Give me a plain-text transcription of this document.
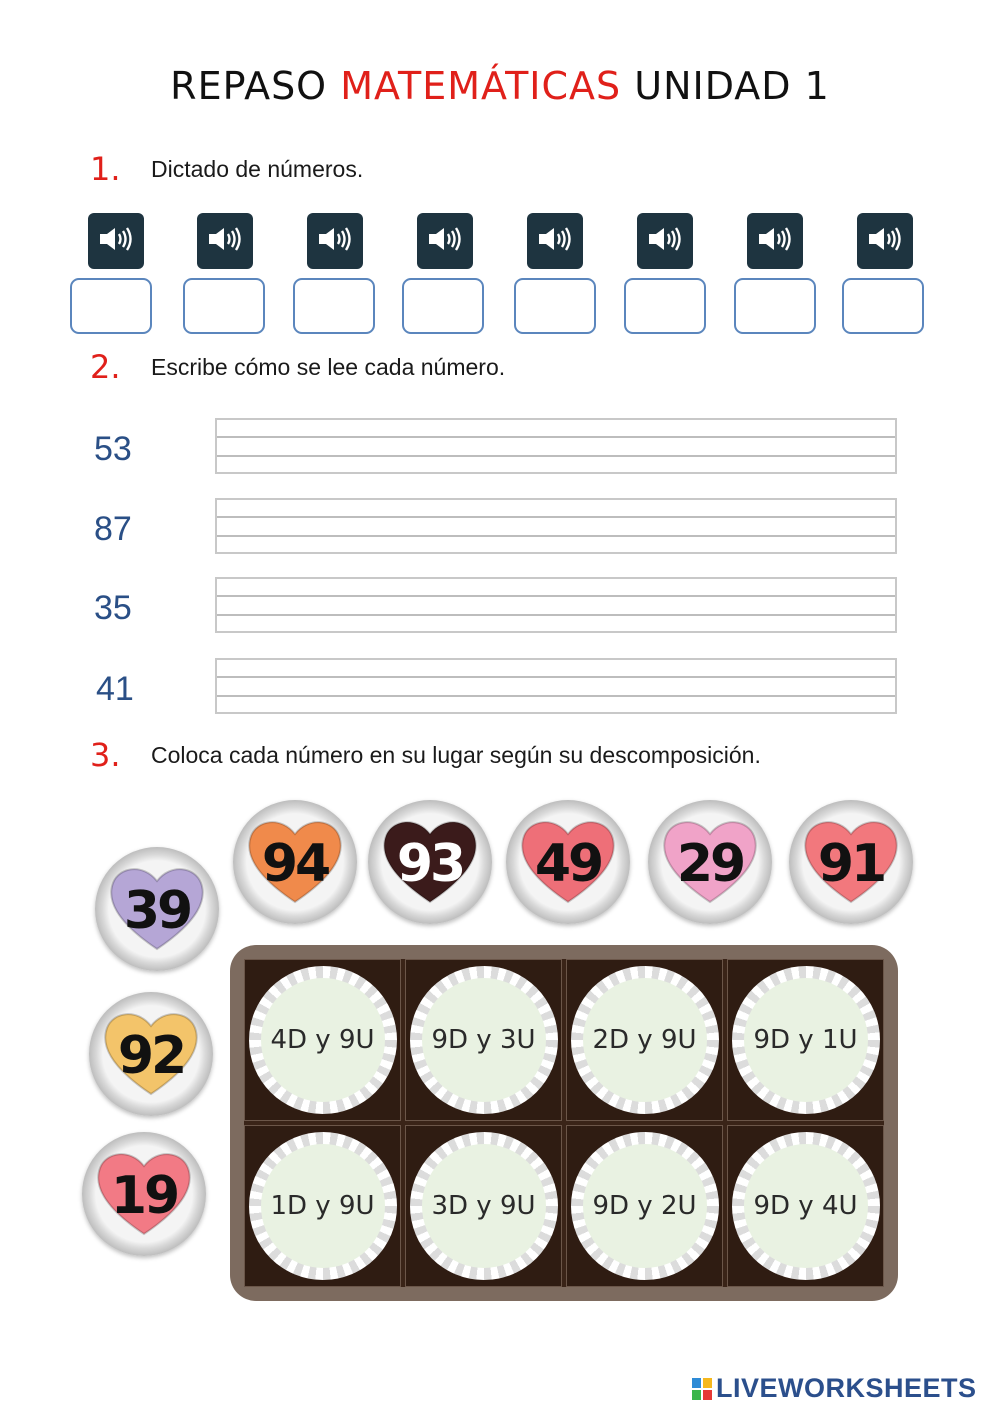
REPASO MATEMÁTICAS UNIDAD 1
1. Dictado de números.
2. Escribe cómo se lee cada número.
53
87
35
41
3. Coloca cada número en su lugar según su descomposición.
94	93	49	29	91
39
92
19
4D y 9U	9D y 3U	2D y 9U	9D y 1U
1D y 9U	3D y 9U	9D y 2U	9D y 4U
LIVEWORKSHEETS
